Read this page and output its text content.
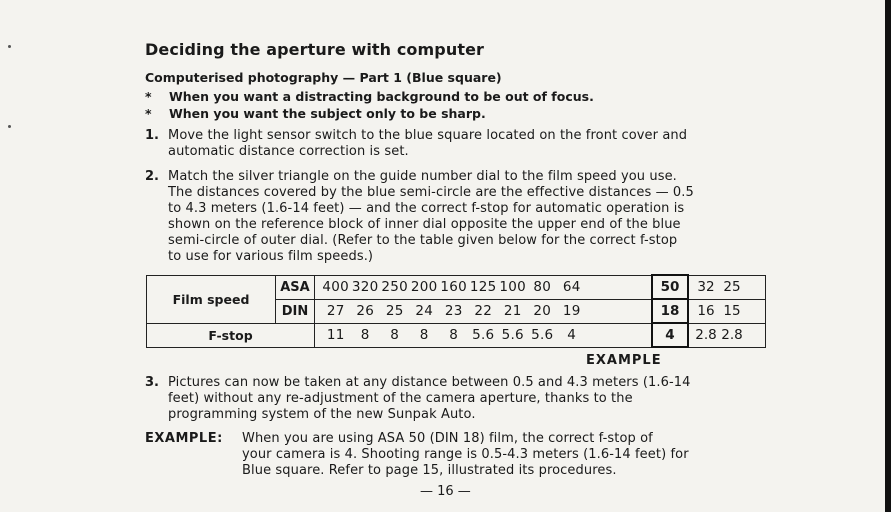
Deciding the aperture with computer
Computerised photography — Part 1 (Blue square)
* When you want a distracting background to be out of focus.
* When you want the subject only to be sharp.
1. Move the light sensor switch to the blue square located on the front cover and
automatic distance correction is set.
2. Match the silver triangle on the guide number dial to the film speed you use.
The distances covered by the blue semi-circle are the effective distances — 0.5
to 4.3 meters (1.6-14 feet) — and the correct f-stop for automatic operation is
shown on the reference block of inner dial opposite the upper end of the blue
semi-circle of outer dial. (Refer to the table given below for the correct f-stop
to use for various film speeds.)
Film speed	ASA	400 320 250 200 160 125 100 80 64	50	32 25
	DIN	27 26 25 24 23 22 21 20 19	18	16 15
F-stop		11 8 8 8 8 5.6 5.6 5.6 4	4	2.8 2.8
EXAMPLE
3. Pictures can now be taken at any distance between 0.5 and 4.3 meters (1.6-14
feet) without any re-adjustment of the camera aperture, thanks to the
programming system of the new Sunpak Auto.
EXAMPLE: When you are using ASA 50 (DIN 18) film, the correct f-stop of
your camera is 4. Shooting range is 0.5-4.3 meters (1.6-14 feet) for
Blue square. Refer to page 15, illustrated its procedures.
— 16 —
